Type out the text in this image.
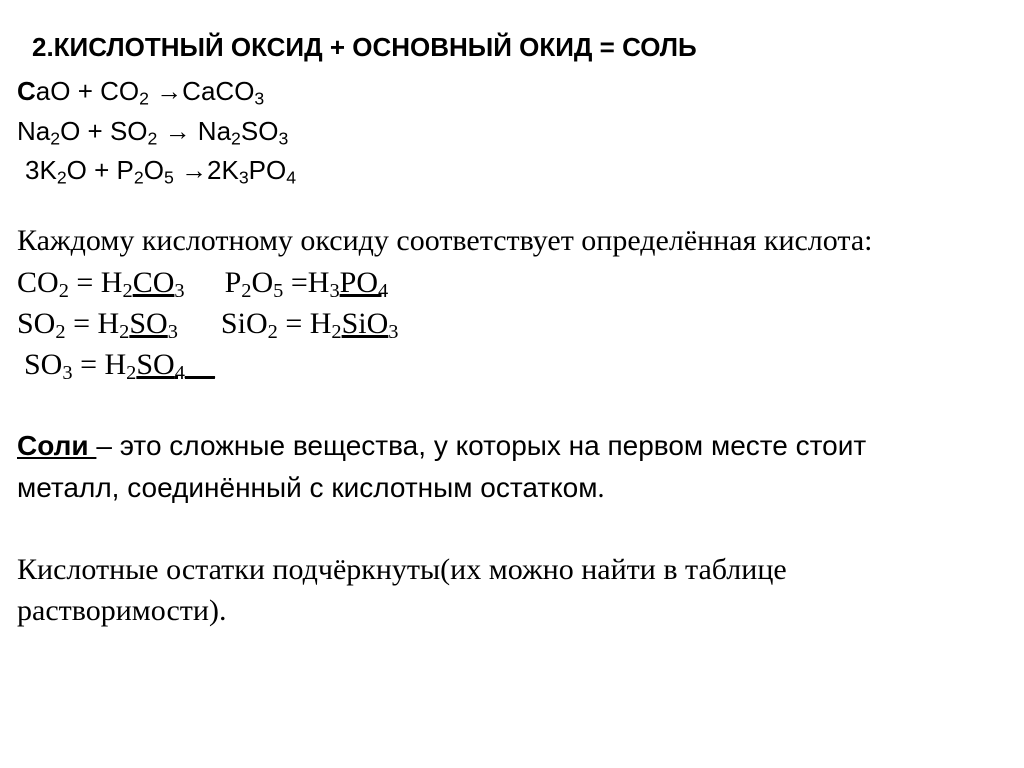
2.КИСЛОТНЫЙ ОКСИД + ОСНОВНЫЙ ОКИД = СОЛЬ
CaO + $CO_2$ →CaCO$_3$
$Na_2O + SO_2 \to Na_2SO_3$
$3K_2O + P_2O_5 \to 2K_3PO_4$
Каждому кислотному оксиду соответствует определённая кислота:
$CO_2 = H_2CO_3$ $P_2O_5 =H_3PO_4$
$SO_2 = H_2SO_3$ $SiO_2 = H_2SiO_3$
$SO_3$ = $H_2SO_4\_\_$
Соли – это сложные вещества, у которых на первом месте стоит
металл, соединённый с кислотным остатком.
Кислотные остатки подчёркнуты(их можно найти в таблице
растворимости).
